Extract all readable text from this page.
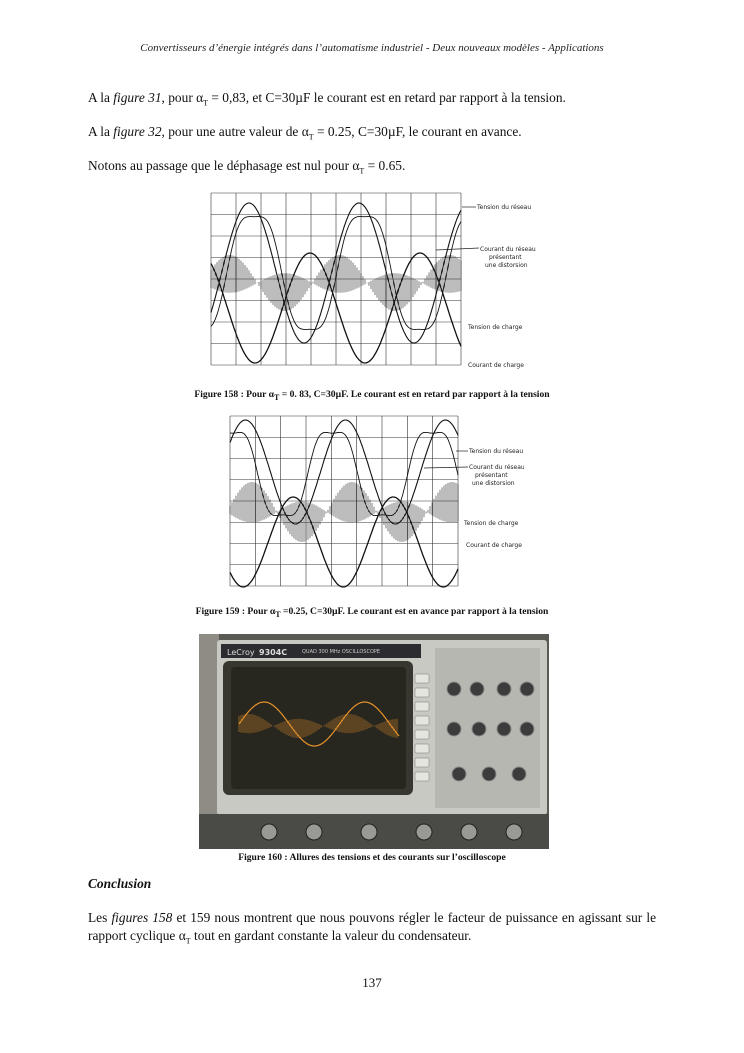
Convertisseurs d’énergie intégrés dans l’automatisme industriel - Deux nouveaux modèles - Applications
A la figure 31, pour $\alpha_T = 0,83$, et C=30µF le courant est en retard par rapport à la tension.
A la figure 32, pour une autre valeur de $\alpha_T = 0.25$, C=30µF, le courant en avance.
Notons au passage que le déphasage est nul pour $\alpha_T = 0.65$.
Tension du réseau
Courant du réseau
présentant
une distorsion
Tension de charge
Courant de charge
Figure 158 : Pour $\alpha_T = 0$. 83, C=30µF. Le courant est en retard par rapport à la tension
Tension du réseau
Courant du réseau
présentant
une distorsion
Tension de charge
Courant de charge
Figure 159 : Pour $\alpha_T =0.25$, C=30µF. Le courant est en avance par rapport à la tension
LeCroy 9304C	QUAD 300 MHz OSCILLOSCOPE
Figure 160 : Allures des tensions et des courants sur l’oscilloscope
Conclusion
Les figures 158 et 159 nous montrent que nous pouvons régler le facteur de puissance en agissant sur le rapport cyclique $\alpha_T$ tout en gardant constante la valeur du condensateur.
137
